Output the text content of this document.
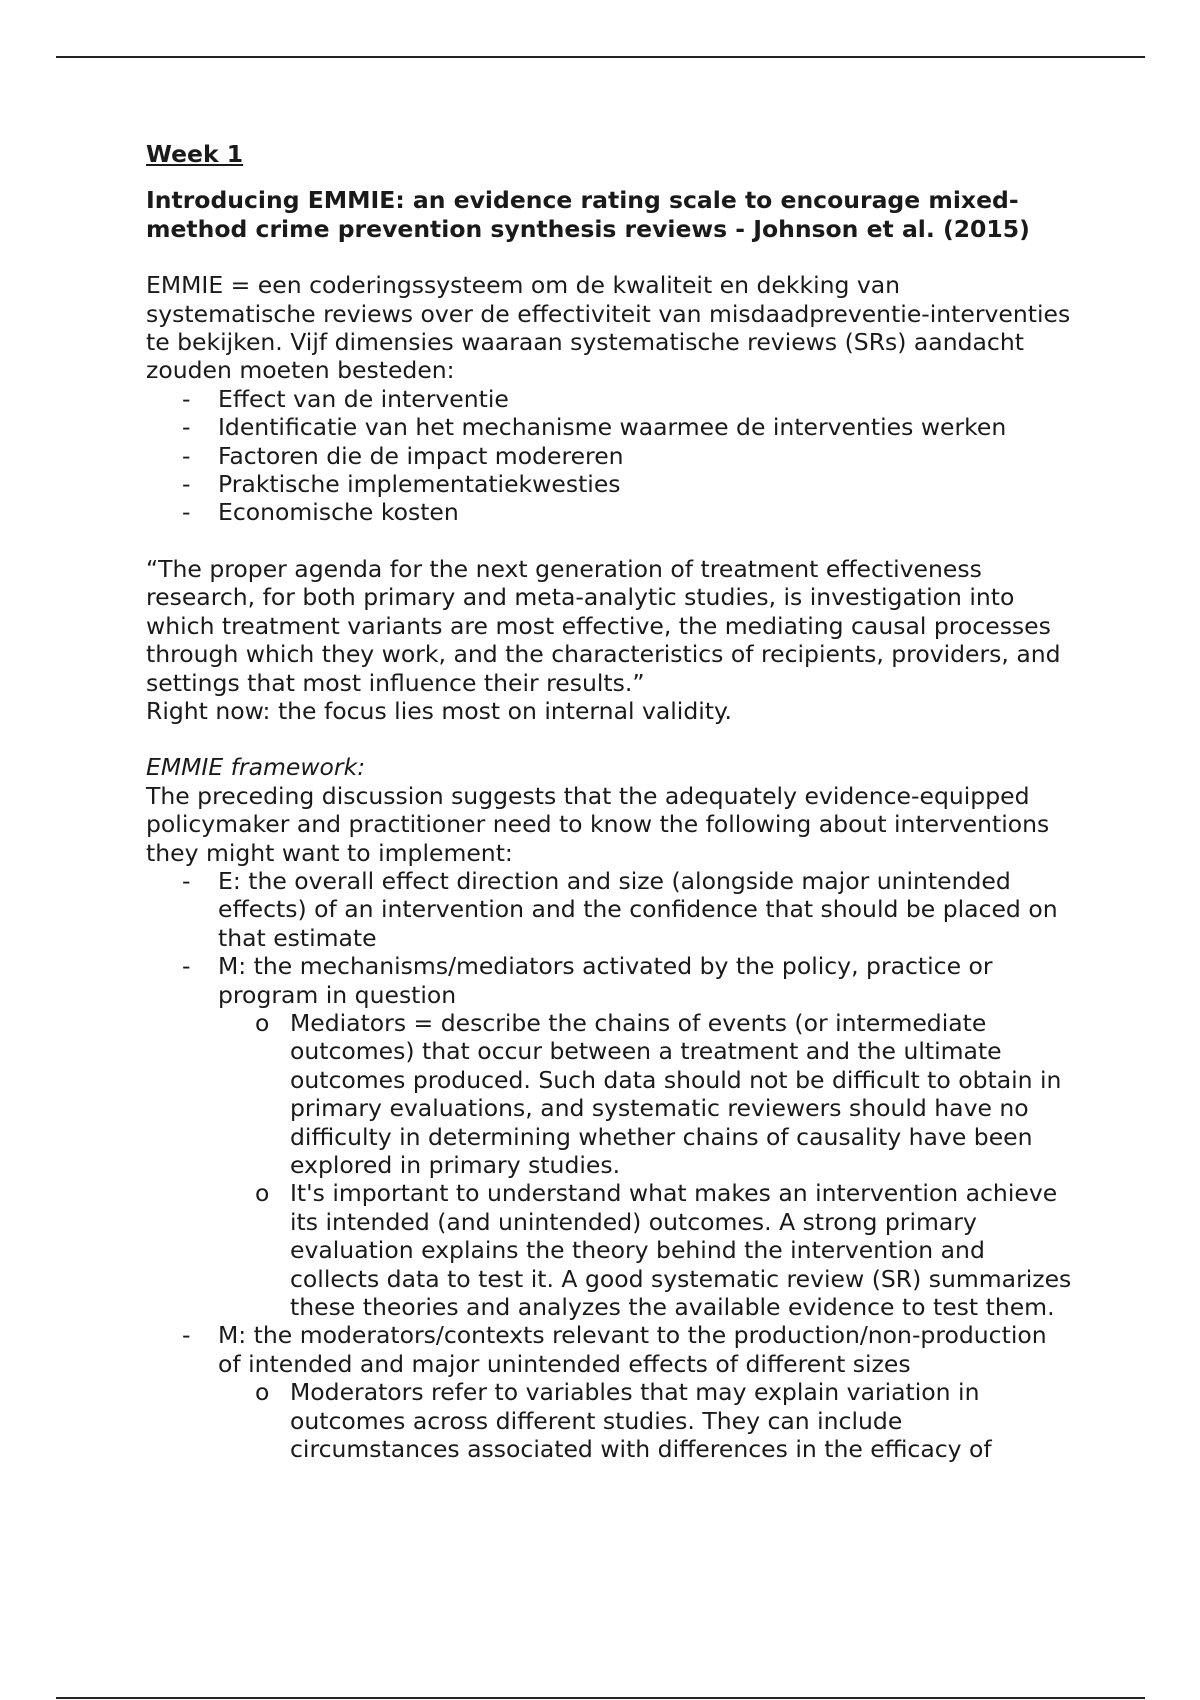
Week 1

Introducing EMMIE: an evidence rating scale to encourage mixed-method crime prevention synthesis reviews - Johnson et al. (2015)

EMMIE = een coderingssysteem om de kwaliteit en dekking van systematische reviews over de effectiviteit van misdaadpreventie-interventies te bekijken. Vijf dimensies waaraan systematische reviews (SRs) aandacht zouden moeten besteden:

- Effect van de interventie
- Identificatie van het mechanisme waarmee de interventies werken
- Factoren die de impact modereren
- Praktische implementatiekwesties
- Economische kosten

“The proper agenda for the next generation of treatment effectiveness research, for both primary and meta-analytic studies, is investigation into which treatment variants are most effective, the mediating causal processes through which they work, and the characteristics of recipients, providers, and settings that most influence their results.”

Right now: the focus lies most on internal validity.

EMMIE framework:

The preceding discussion suggests that the adequately evidence-equipped policymaker and practitioner need to know the following about interventions they might want to implement:

- E: the overall effect direction and size (alongside major unintended effects) of an intervention and the confidence that should be placed on that estimate
- M: the mechanisms/mediators activated by the policy, practice or program in question
o Mediators = describe the chains of events (or intermediate outcomes) that occur between a treatment and the ultimate outcomes produced. Such data should not be difficult to obtain in primary evaluations, and systematic reviewers should have no difficulty in determining whether chains of causality have been explored in primary studies.
o It's important to understand what makes an intervention achieve its intended (and unintended) outcomes. A strong primary evaluation explains the theory behind the intervention and collects data to test it. A good systematic review (SR) summarizes these theories and analyzes the available evidence to test them.
- M: the moderators/contexts relevant to the production/non-production of intended and major unintended effects of different sizes
o Moderators refer to variables that may explain variation in outcomes across different studies. They can include circumstances associated with differences in the efficacy of
